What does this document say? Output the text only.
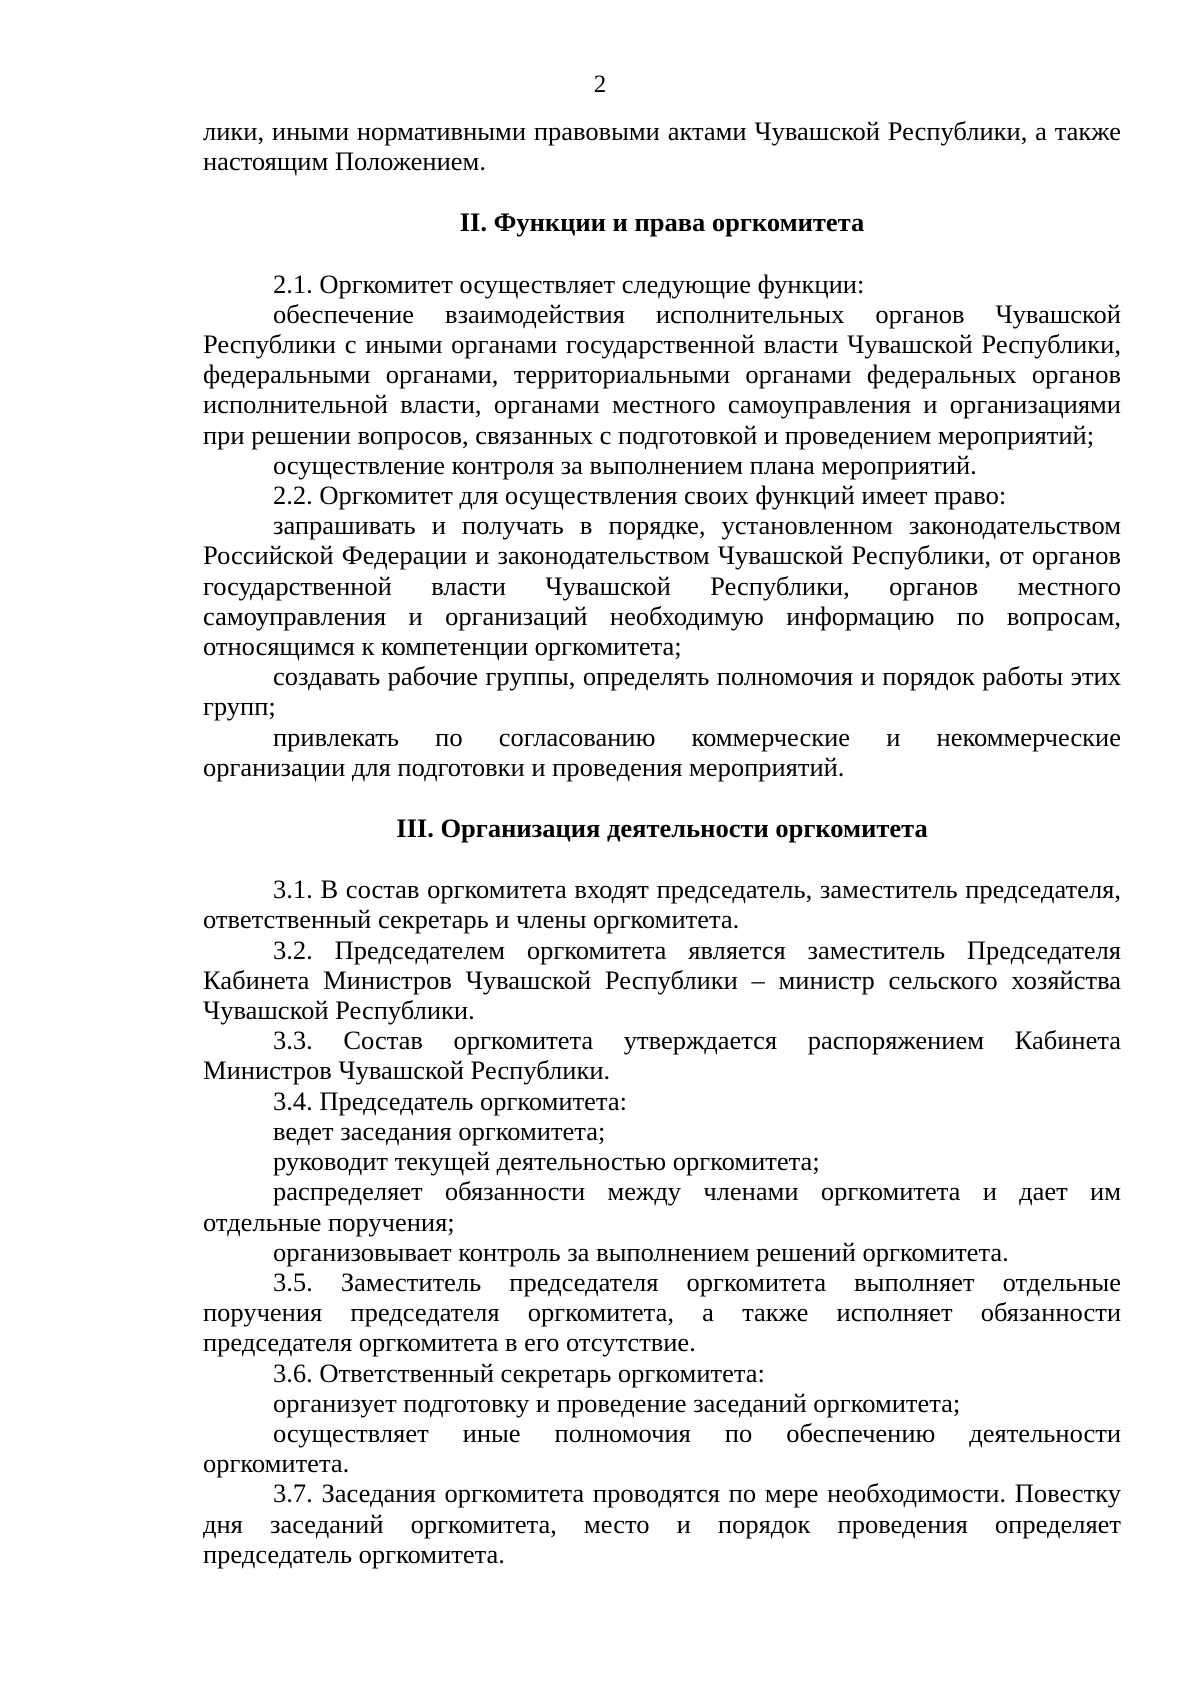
2

лики, иными нормативными правовыми актами Чувашской Республики, а также настоящим Положением.

II. Функции и права оргкомитета

2.1. Оргкомитет осуществляет следующие функции:

обеспечение взаимодействия исполнительных органов Чувашской Республики с иными органами государственной власти Чувашской Республики, федеральными органами, территориальными органами федеральных органов исполнительной власти, органами местного самоуправления и организациями при решении вопросов, связанных с подготовкой и проведением мероприятий;

осуществление контроля за выполнением плана мероприятий.

2.2. Оргкомитет для осуществления своих функций имеет право:

запрашивать и получать в порядке, установленном законодательством Российской Федерации и законодательством Чувашской Республики, от органов государственной власти Чувашской Республики, органов местного самоуправления и организаций необходимую информацию по вопросам, относящимся к компетенции оргкомитета;

создавать рабочие группы, определять полномочия и порядок работы этих групп;

привлекать по согласованию коммерческие и некоммерческие организации для подготовки и проведения мероприятий.

III. Организация деятельности оргкомитета

3.1. В состав оргкомитета входят председатель, заместитель председателя, ответственный секретарь и члены оргкомитета.

3.2. Председателем оргкомитета является заместитель Председателя Кабинета Министров Чувашской Республики – министр сельского хозяйства Чувашской Республики.

3.3. Состав оргкомитета утверждается распоряжением Кабинета Министров Чувашской Республики.

3.4. Председатель оргкомитета:

ведет заседания оргкомитета;

руководит текущей деятельностью оргкомитета;

распределяет обязанности между членами оргкомитета и дает им отдельные поручения;

организовывает контроль за выполнением решений оргкомитета.

3.5. Заместитель председателя оргкомитета выполняет отдельные поручения председателя оргкомитета, а также исполняет обязанности председателя оргкомитета в его отсутствие.

3.6. Ответственный секретарь оргкомитета:

организует подготовку и проведение заседаний оргкомитета;

осуществляет иные полномочия по обеспечению деятельности оргкомитета.

3.7. Заседания оргкомитета проводятся по мере необходимости. Повестку дня заседаний оргкомитета, место и порядок проведения определяет председатель оргкомитета.
